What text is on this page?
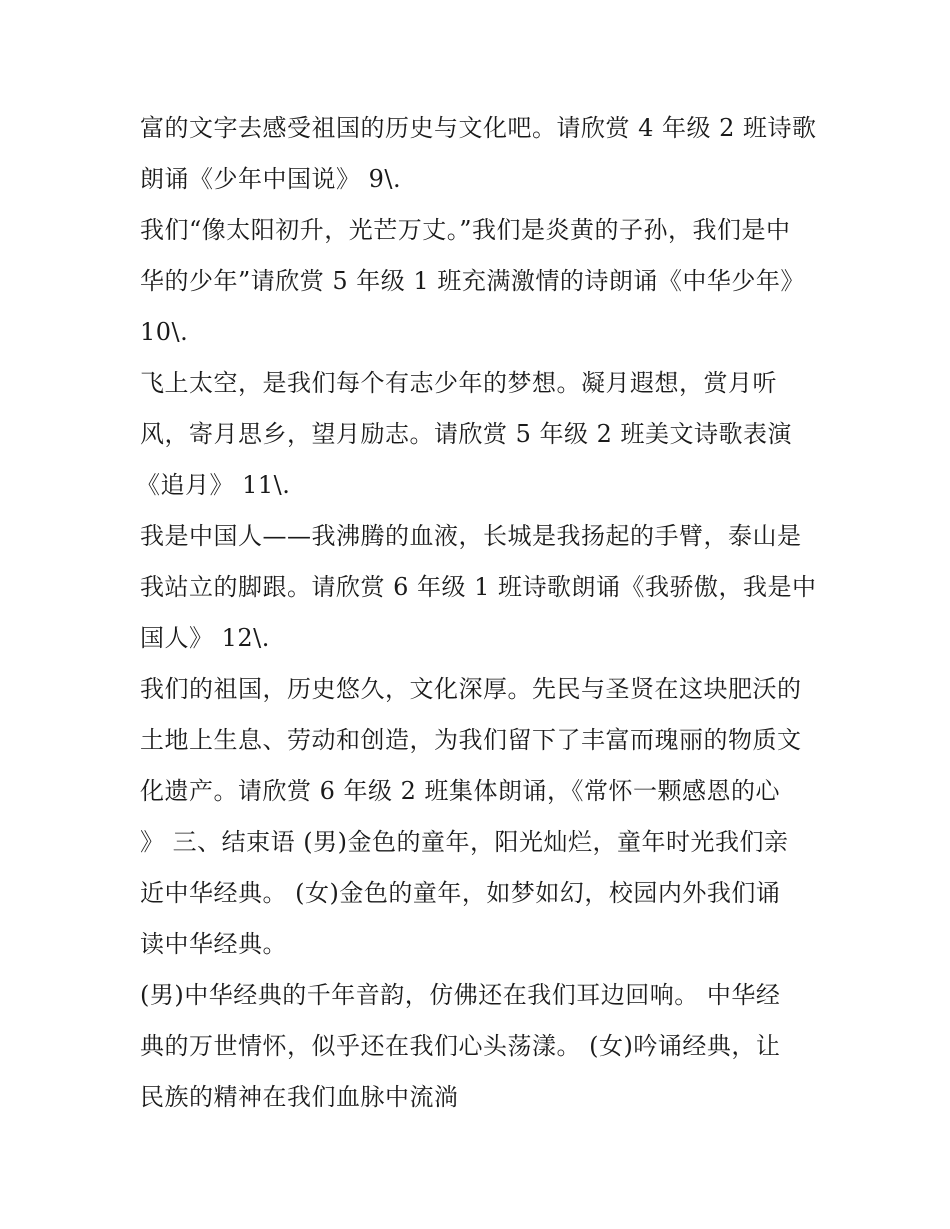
富的文字去感受祖国的历史与文化吧。请欣赏 4 年级 2 班诗歌
朗诵《少年中国说》 9\.
我们“像太阳初升，光芒万丈。”我们是炎黄的子孙，我们是中
华的少年”请欣赏 5 年级 1 班充满激情的诗朗诵《中华少年》
10\.
飞上太空，是我们每个有志少年的梦想。凝月遐想，赏月听
风，寄月思乡，望月励志。请欣赏 5 年级 2 班美文诗歌表演
《追月》 11\.
我是中国人——我沸腾的血液，长城是我扬起的手臂，泰山是
我站立的脚跟。请欣赏 6 年级 1 班诗歌朗诵《我骄傲，我是中
国人》 12\.
我们的祖国，历史悠久，文化深厚。先民与圣贤在这块肥沃的
土地上生息、劳动和创造，为我们留下了丰富而瑰丽的物质文
化遗产。请欣赏 6 年级 2 班集体朗诵，《常怀一颗感恩的心
》 三、结束语 (男)金色的童年，阳光灿烂，童年时光我们亲
近中华经典。 (女)金色的童年，如梦如幻，校园内外我们诵
读中华经典。
(男)中华经典的千年音韵，仿佛还在我们耳边回响。 中华经
典的万世情怀，似乎还在我们心头荡漾。 (女)吟诵经典，让
民族的精神在我们血脉中流淌
